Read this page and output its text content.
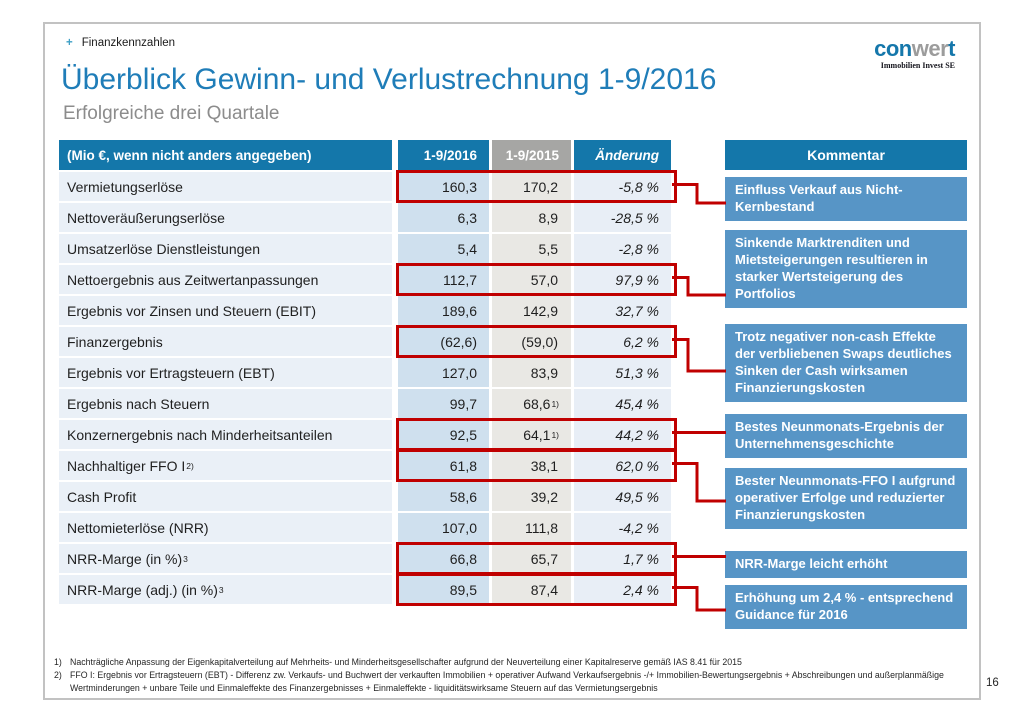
+ Finanzkennzahlen
Überblick Gewinn- und Verlustrechnung 1-9/2016
Erfolgreiche drei Quartale
conwert
Immobilien Invest SE
(Mio €, wenn nicht anders angegeben)	1-9/2016	1-9/2015	Änderung
Vermietungserlöse	160,3	170,2	-5,8 %
Nettoveräußerungserlöse	6,3	8,9	-28,5 %
Umsatzerlöse Dienstleistungen	5,4	5,5	-2,8 %
Nettoergebnis aus Zeitwertanpassungen	112,7	57,0	97,9 %
Ergebnis vor Zinsen und Steuern (EBIT)	189,6	142,9	32,7 %
Finanzergebnis	(62,6)	(59,0)	6,2 %
Ergebnis vor Ertragsteuern (EBT)	127,0	83,9	51,3 %
Ergebnis nach Steuern	99,7	68,6 1)	45,4 %
Konzernergebnis nach Minderheitsanteilen	92,5	64,1 1)	44,2 %
Nachhaltiger FFO I 2)	61,8	38,1	62,0 %
Cash Profit	58,6	39,2	49,5 %
Nettomieterlöse (NRR)	107,0	111,8	-4,2 %
NRR-Marge (in %) 3	66,8	65,7	1,7 %
NRR-Marge (adj.) (in %) 3	89,5	87,4	2,4 %
Kommentar
Einfluss Verkauf aus Nicht-Kernbestand
Sinkende Marktrenditen und Mietsteigerungen resultieren in starker Wertsteigerung des Portfolios
Trotz negativer non-cash Effekte der verbliebenen Swaps deutliches Sinken der Cash wirksamen Finanzierungskosten
Bestes Neunmonats-Ergebnis der Unternehmensgeschichte
Bester Neunmonats-FFO I aufgrund operativer Erfolge und reduzierter Finanzierungskosten
NRR-Marge leicht erhöht
Erhöhung um 2,4 % - entsprechend Guidance für 2016
1) Nachträgliche Anpassung der Eigenkapitalverteilung auf Mehrheits- und Minderheitsgesellschafter aufgrund der Neuverteilung einer Kapitalreserve gemäß IAS 8.41 für 2015
2) FFO I: Ergebnis vor Ertragsteuern (EBT) - Differenz zw. Verkaufs- und Buchwert der verkauften Immobilien + operativer Aufwand Verkaufsergebnis -/+ Immobilien-Bewertungsergebnis + Abschreibungen und außerplanmäßige Wertminderungen + unbare Teile und Einmaleffekte des Finanzergebnisses + Einmaleffekte - liquiditätswirksame Steuern auf das Vermietungsergebnis	16
